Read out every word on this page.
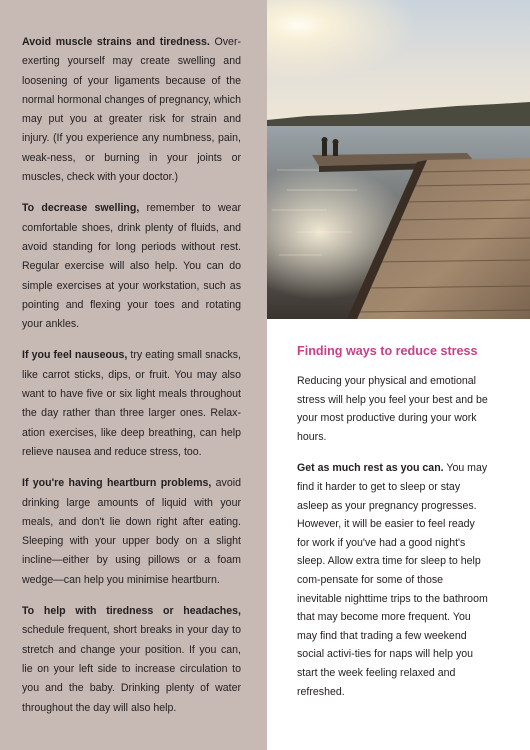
Avoid muscle strains and tiredness. Over-exerting yourself may create swelling and loosening of your ligaments because of the normal hormonal changes of pregnancy, which may put you at greater risk for strain and injury. (If you experience any numbness, pain, weak-ness, or burning in your joints or muscles, check with your doctor.)

To decrease swelling, remember to wear comfortable shoes, drink plenty of fluids, and avoid standing for long periods without rest. Regular exercise will also help. You can do simple exercises at your workstation, such as pointing and flexing your toes and rotating your ankles.

If you feel nauseous, try eating small snacks, like carrot sticks, dips, or fruit. You may also want to have five or six light meals throughout the day rather than three larger ones. Relax-ation exercises, like deep breathing, can help relieve nausea and reduce stress, too.

If you're having heartburn problems, avoid drinking large amounts of liquid with your meals, and don't lie down right after eating. Sleeping with your upper body on a slight incline—either by using pillows or a foam wedge—can help you minimise heartburn.

To help with tiredness or headaches, schedule frequent, short breaks in your day to stretch and change your position. If you can, lie on your left side to increase circulation to you and the baby. Drinking plenty of water throughout the day will also help.

Finding ways to reduce stress

Reducing your physical and emotional stress will help you feel your best and be your most productive during your work hours.

Get as much rest as you can. You may find it harder to get to sleep or stay asleep as your pregnancy progresses. However, it will be easier to feel ready for work if you've had a good night's sleep. Allow extra time for sleep to help com-pensate for some of those inevitable nighttime trips to the bathroom that may become more frequent. You may find that trading a few weekend social activi-ties for naps will help you start the week feeling relaxed and refreshed.
